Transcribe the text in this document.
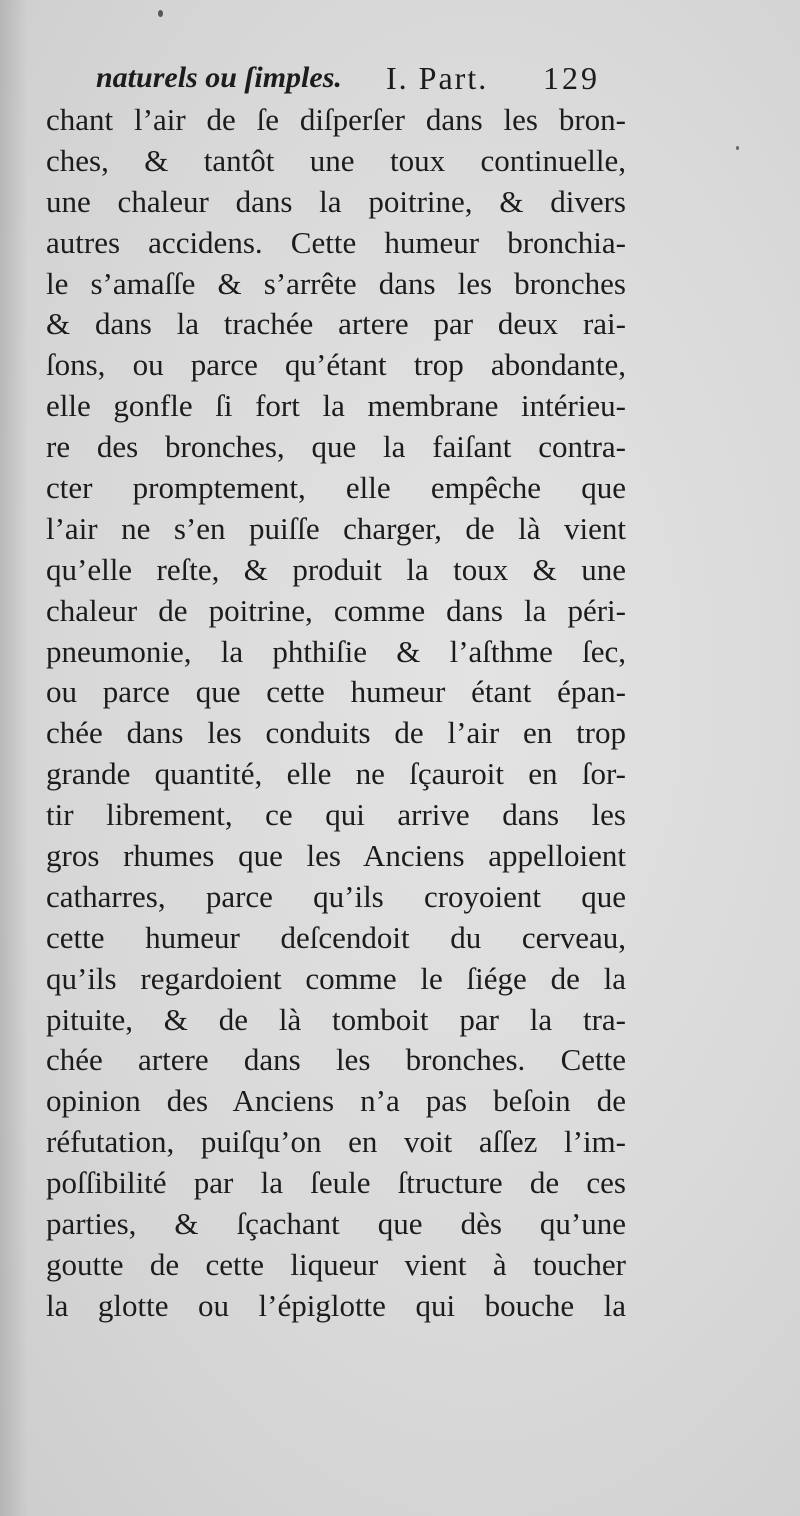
naturels ou ſimples. I. Part. 129
chant l’air de ſe diſperſer dans les bron-
ches, & tantôt une toux continuelle,
une chaleur dans la poitrine, & divers
autres accidens. Cette humeur bronchia-
le s’amaſſe & s’arrête dans les bronches
& dans la trachée artere par deux rai-
ſons, ou parce qu’étant trop abondante,
elle gonfle ſi fort la membrane intérieu-
re des bronches, que la faiſant contra-
cter promptement, elle empêche que
l’air ne s’en puiſſe charger, de là vient
qu’elle reſte, & produit la toux & une
chaleur de poitrine, comme dans la péri-
pneumonie, la phthiſie & l’aſthme ſec,
ou parce que cette humeur étant épan-
chée dans les conduits de l’air en trop
grande quantité, elle ne ſçauroit en ſor-
tir librement, ce qui arrive dans les
gros rhumes que les Anciens appelloient
catharres, parce qu’ils croyoient que
cette humeur deſcendoit du cerveau,
qu’ils regardoient comme le ſiége de la
pituite, & de là tomboit par la tra-
chée artere dans les bronches. Cette
opinion des Anciens n’a pas beſoin de
réfutation, puiſqu’on en voit aſſez l’im-
poſſibilité par la ſeule ſtructure de ces
parties, & ſçachant que dès qu’une
goutte de cette liqueur vient à toucher
la glotte ou l’épiglotte qui bouche la
